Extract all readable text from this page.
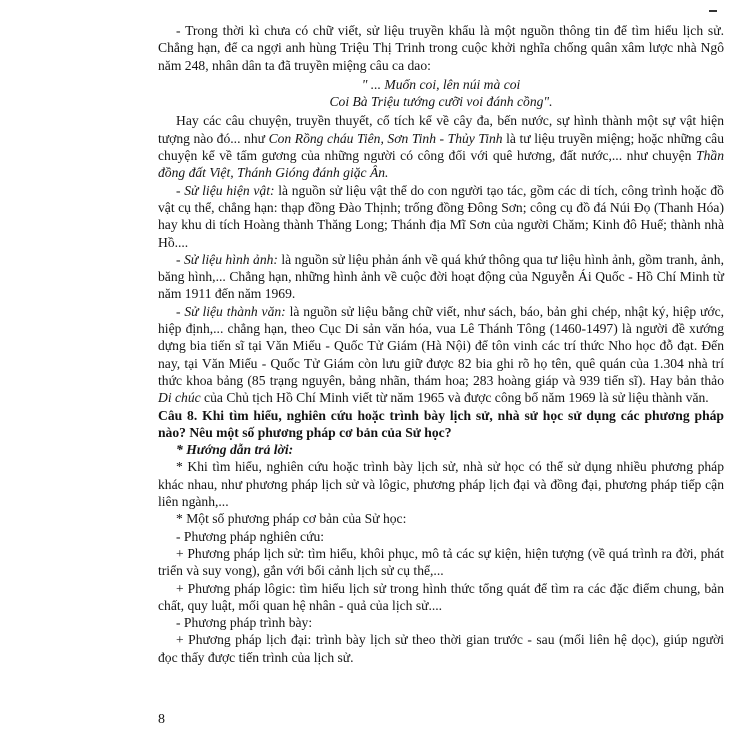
- Trong thời kì chưa có chữ viết, sử liệu truyền khẩu là một nguồn thông tin để tìm hiểu lịch sử. Chẳng hạn, để ca ngợi anh hùng Triệu Thị Trinh trong cuộc khởi nghĩa chống quân xâm lược nhà Ngô năm 248, nhân dân ta đã truyền miệng câu ca dao:

" ... Muốn coi, lên núi mà coi
Coi Bà Triệu tướng cưỡi voi đánh cồng".

Hay các câu chuyện, truyền thuyết, cổ tích kể về cây đa, bến nước, sự hình thành một sự vật hiện tượng nào đó... như Con Rồng cháu Tiên, Sơn Tinh - Thủy Tinh là tư liệu truyền miệng; hoặc những câu chuyện kể về tấm gương của những người có công đối với quê hương, đất nước,... như chuyện Thần đồng đất Việt, Thánh Gióng đánh giặc Ân.

- Sử liệu hiện vật: là nguồn sử liệu vật thể do con người tạo tác, gồm các di tích, công trình hoặc đồ vật cụ thể, chẳng hạn: thạp đồng Đào Thịnh; trống đồng Đông Sơn; công cụ đồ đá Núi Đọ (Thanh Hóa) hay khu di tích Hoàng thành Thăng Long; Thánh địa Mĩ Sơn của người Chăm; Kinh đô Huế; thành nhà Hồ....

- Sử liệu hình ảnh: là nguồn sử liệu phản ánh về quá khứ thông qua tư liệu hình ảnh, gồm tranh, ảnh, băng hình,... Chẳng hạn, những hình ảnh về cuộc đời hoạt động của Nguyễn Ái Quốc - Hồ Chí Minh từ năm 1911 đến năm 1969.

- Sử liệu thành văn: là nguồn sử liệu bằng chữ viết, như sách, báo, bản ghi chép, nhật ký, hiệp ước, hiệp định,... chẳng hạn, theo Cục Di sản văn hóa, vua Lê Thánh Tông (1460-1497) là người đề xướng dựng bia tiến sĩ tại Văn Miếu - Quốc Tử Giám (Hà Nội) để tôn vinh các trí thức Nho học đỗ đạt. Đến nay, tại Văn Miếu - Quốc Tử Giám còn lưu giữ được 82 bia ghi rõ họ tên, quê quán của 1.304 nhà trí thức khoa bảng (85 trạng nguyên, bảng nhãn, thám hoa; 283 hoàng giáp và 939 tiến sĩ). Hay bản thảo Di chúc của Chủ tịch Hồ Chí Minh viết từ năm 1965 và được công bố năm 1969 là sử liệu thành văn.

Câu 8. Khi tìm hiểu, nghiên cứu hoặc trình bày lịch sử, nhà sử học sử dụng các phương pháp nào? Nêu một số phương pháp cơ bản của Sử học?

* Hướng dẫn trả lời:

* Khi tìm hiểu, nghiên cứu hoặc trình bày lịch sử, nhà sử học có thể sử dụng nhiều phương pháp khác nhau, như phương pháp lịch sử và lôgic, phương pháp lịch đại và đồng đại, phương pháp tiếp cận liên ngành,...

* Một số phương pháp cơ bản của Sử học:

- Phương pháp nghiên cứu:

+ Phương pháp lịch sử: tìm hiểu, khôi phục, mô tả các sự kiện, hiện tượng (về quá trình ra đời, phát triển và suy vong), gắn với bối cảnh lịch sử cụ thể,...

+ Phương pháp lôgic: tìm hiểu lịch sử trong hình thức tổng quát để tìm ra các đặc điểm chung, bản chất, quy luật, mối quan hệ nhân - quả của lịch sử....

- Phương pháp trình bày:

+ Phương pháp lịch đại: trình bày lịch sử theo thời gian trước - sau (mối liên hệ dọc), giúp người đọc thấy được tiến trình của lịch sử.

8
